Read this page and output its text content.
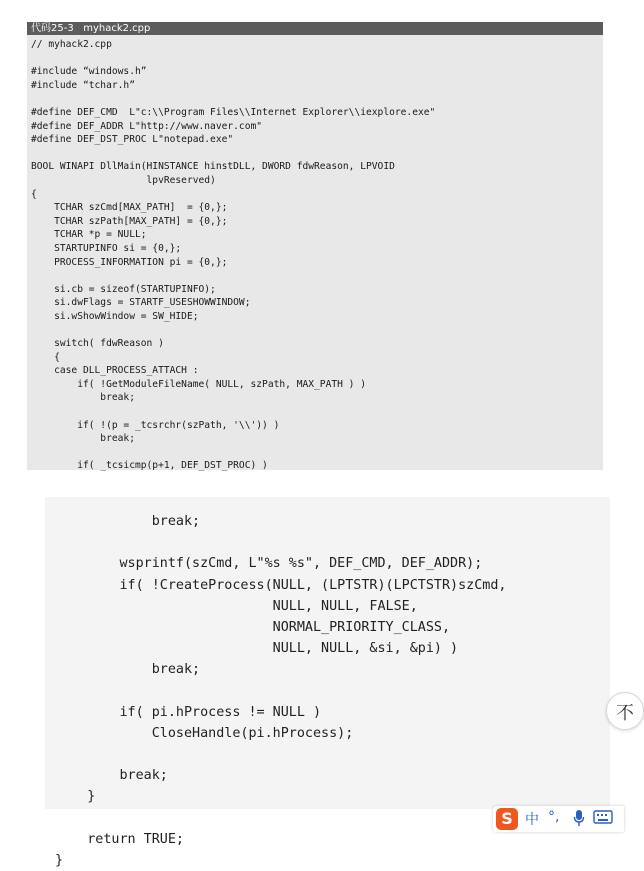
代码25-3   myhack2.cpp
// myhack2.cpp

#include “windows.h”
#include “tchar.h”

#define DEF_CMD  L"c:\\Program Files\\Internet Explorer\\iexplore.exe"
#define DEF_ADDR L"http://www.naver.com"
#define DEF_DST_PROC L"notepad.exe"

BOOL WINAPI DllMain(HINSTANCE hinstDLL, DWORD fdwReason, LPVOID
lpvReserved)
{
TCHAR szCmd[MAX_PATH]  = {0,};
TCHAR szPath[MAX_PATH] = {0,};
TCHAR *p = NULL;
STARTUPINFO si = {0,};
PROCESS_INFORMATION pi = {0,};

si.cb = sizeof(STARTUPINFO);
si.dwFlags = STARTF_USESHOWWINDOW;
si.wShowWindow = SW_HIDE;

switch( fdwReason )
{
case DLL_PROCESS_ATTACH :
if( !GetModuleFileName( NULL, szPath, MAX_PATH ) )
break;

if( !(p = _tcsrchr(szPath, '\\')) )
break;

if( _tcsicmp(p+1, DEF_DST_PROC) )
break;

wsprintf(szCmd, L"%s %s", DEF_CMD, DEF_ADDR);
if( !CreateProcess(NULL, (LPTSTR)(LPCTSTR)szCmd,
NULL, NULL, FALSE,
NORMAL_PRIORITY_CLASS,
NULL, NULL, &si, &pi) )
break;

if( pi.hProcess != NULL )
CloseHandle(pi.hProcess);

break;
}

return TRUE;
}
不
S 中 °,
